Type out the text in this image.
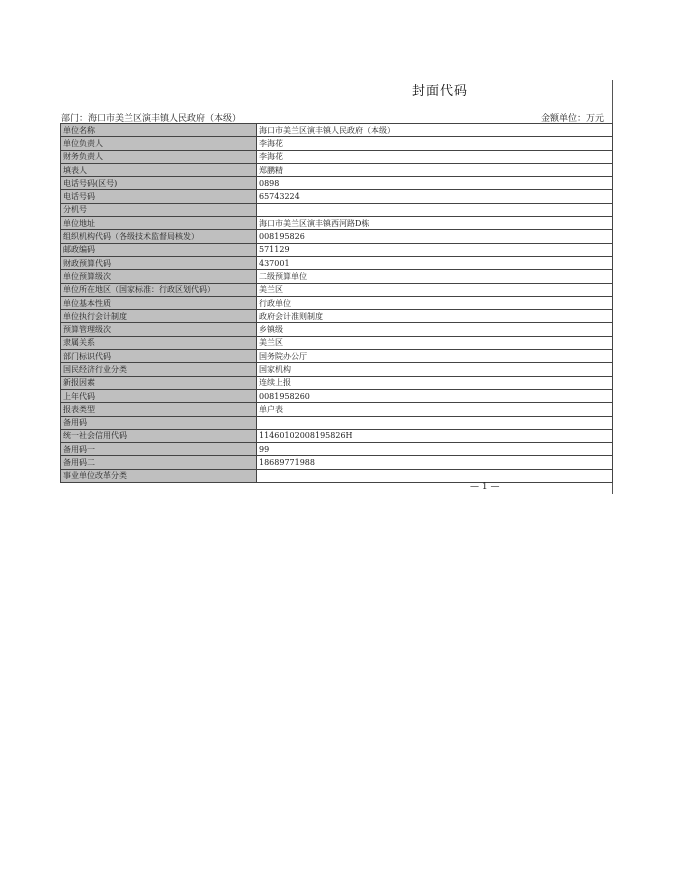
封面代码
部门：海口市美兰区演丰镇人民政府（本级）	金额单位：万元
单位名称	海口市美兰区演丰镇人民政府（本级）
单位负责人	李海花
财务负责人	李海花
填表人	郑鹏精
电话号码(区号)	0898
电话号码	65743224
分机号	
单位地址	海口市美兰区演丰镇西河路D栋
组织机构代码（各级技术监督局核发）	008195826
邮政编码	571129
财政预算代码	437001
单位预算级次	二级预算单位
单位所在地区（国家标准：行政区划代码）	美兰区
单位基本性质	行政单位
单位执行会计制度	政府会计准则制度
预算管理级次	乡镇级
隶属关系	美兰区
部门标识代码	国务院办公厅
国民经济行业分类	国家机构
新报因素	连续上报
上年代码	0081958260
报表类型	单户表
备用码	
统一社会信用代码	11460102008195826H
备用码一	99
备用码二	18689771988
事业单位改革分类	
— 1 —
